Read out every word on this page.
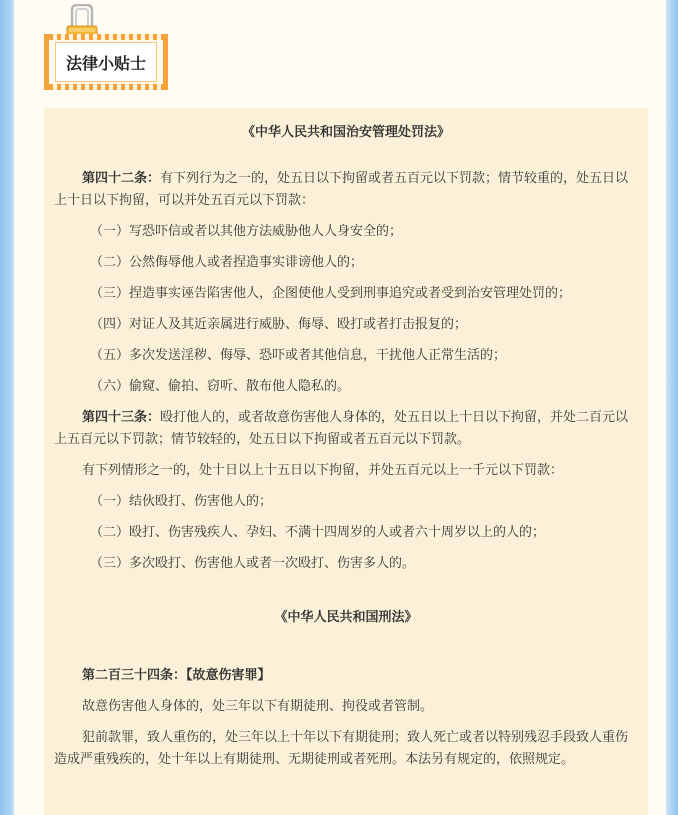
法律小贴士

《中华人民共和国治安管理处罚法》

第四十二条：有下列行为之一的，处五日以下拘留或者五百元以下罚款；情节较重的，处五日以上十日以下拘留，可以并处五百元以下罚款：

（一）写恐吓信或者以其他方法威胁他人人身安全的；

（二）公然侮辱他人或者捏造事实诽谤他人的；

（三）捏造事实诬告陷害他人，企图使他人受到刑事追究或者受到治安管理处罚的；

（四）对证人及其近亲属进行威胁、侮辱、殴打或者打击报复的；

（五）多次发送淫秽、侮辱、恐吓或者其他信息，干扰他人正常生活的；

（六）偷窥、偷拍、窃听、散布他人隐私的。

第四十三条：殴打他人的，或者故意伤害他人身体的，处五日以上十日以下拘留，并处二百元以上五百元以下罚款；情节较轻的，处五日以下拘留或者五百元以下罚款。

有下列情形之一的，处十日以上十五日以下拘留，并处五百元以上一千元以下罚款：

（一）结伙殴打、伤害他人的；

（二）殴打、伤害残疾人、孕妇、不满十四周岁的人或者六十周岁以上的人的；

（三）多次殴打、伤害他人或者一次殴打、伤害多人的。

《中华人民共和国刑法》

第二百三十四条：【故意伤害罪】

故意伤害他人身体的，处三年以下有期徒刑、拘役或者管制。

犯前款罪，致人重伤的，处三年以上十年以下有期徒刑；致人死亡或者以特别残忍手段致人重伤造成严重残疾的，处十年以上有期徒刑、无期徒刑或者死刑。本法另有规定的，依照规定。
